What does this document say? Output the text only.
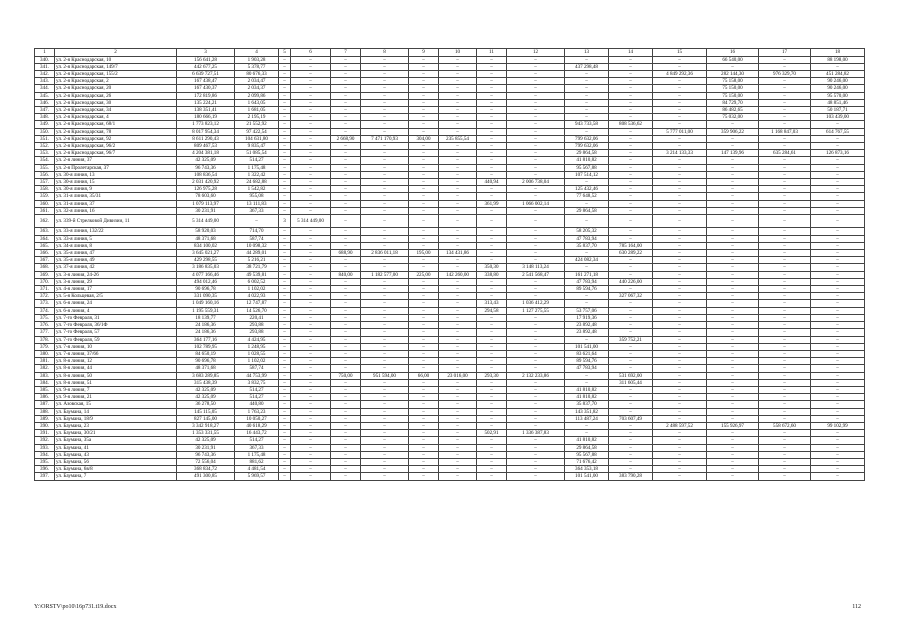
1	2	3	4	5	6	7	8	9	10	11	12	13	14	15	16	17	18
340.	ул. 2-я Краснодарская, 10	156 641,28	1 903,28	–	–	–	–	–	–	–	–	–	–	–	66 540,00	–	88 198,00
341.	ул. 2-я Краснодарская, 149/7	442 677,25	5 378,77	–	–	–	–	–	–	–	–	437 298,48	–	–	–	–	–
342.	ул. 2-я Краснодарская, 155/2	6 639 727,51	80 676,33	–	–	–	–	–	–	–	–	–	–	4 849 292,36	282 144,30	976 329,70	451 284,82
343.	ул. 2-я Краснодарская, 2	167 438,47	2 034,47	–	–	–	–	–	–	–	–	–	–	–	75 158,00	–	90 246,00
344.	ул. 2-я Краснодарская, 20	167 430,37	2 034,37	–	–	–	–	–	–	–	–	–	–	–	75 150,00	–	90 246,00
345.	ул. 2-я Краснодарская, 26	172 819,86	2 099,86	–	–	–	–	–	–	–	–	–	–	–	75 150,00	–	95 570,00
346.	ул. 2-я Краснодарская, 30	135 224,21	1 643,05	–	–	–	–	–	–	–	–	–	–	–	84 729,70	–	48 851,46
347.	ул. 2-я Краснодарская, 34	138 351,41	1 681,05	–	–	–	–	–	–	–	–	–	–	–	86 482,65	–	50 187,71
348.	ул. 2-я Краснодарская, 4	180 666,19	2 195,19	–	–	–	–	–	–	–	–	–	–	–	75 032,00	–	103 439,00
349.	ул. 2-я Краснодарская, 68/1	1 773 823,12	21 552,92	–	–	–	–	–	–	–	–	943 733,58	808 536,62	–	–	–	–
350.	ул. 2-я Краснодарская, 78	8 017 954,34	97 422,54	–	–	–	–	–	–	–	–	–	–	5 777 011,00	359 906,22	1 168 847,03	614 767,55
351.	ул. 2-я Краснодарская, 92	8 611 290,43	104 631,80	–	–	2 668,90	7 471 170,93	304,00	235 855,54	–	–	799 632,06	–	–	–	–	–
352.	ул. 2-я Краснодарская, 96/2	809 467,53	9 835,47	–	–	–	–	–	–	–	–	799 632,06	–	–	–	–	–
353.	ул. 2-я Краснодарская, 96/7	4 204 381,18	51 085,54	–	–	–	–	–	–	–	–	29 864,58	–	3 214 133,33	147 139,96	635 284,61	126 873,16
354.	ул. 2-я линия, 37	42 325,09	514,27	–	–	–	–	–	–	–	–	41 810,82	–	–	–	–	–
355.	ул. 2-я Пролетарская, 37	96 743,36	1 175,48	–	–	–	–	–	–	–	–	95 567,88	–	–	–	–	–
356.	ул. 30-я линия, 13	108 836,54	1 322,42	–	–	–	–	–	–	–	–	107 514,12	–	–	–	–	–
357.	ул. 30-я линия, 15	2 031 420,92	24 682,88	–	–	–	–	–	–	440,94	2 006 738,04	–	–	–	–	–	–
358.	ул. 30-я линия, 9	126 975,28	1 542,82	–	–	–	–	–	–	–	–	125 432,46	–	–	–	–	–
359.	ул. 31-я линия, 35/31	78 603,60	955,08	–	–	–	–	–	–	–	–	77 648,52	–	–	–	–	–
360.	ул. 31-я линия, 37	1 079 113,97	13 111,83	–	–	–	–	–	–	361,99	1 066 002,14	–	–	–	–	–	–
361.	ул. 32-я линия, 16	30 231,91	367,33	–	–	–	–	–	–	–	–	29 864,58	–	–	–	–	–
362.	ул. 339-й Стрелковой Дивизии, 11	5 314 449,00	–	3	5 314 449,00	–	–	–	–	–	–	–	–	–	–	–	–
363.	ул. 33-я линия, 132/22	58 920,03	714,70	–	–	–	–	–	–	–	–	58 205,32	–	–	–	–	–
364.	ул. 33-я линия, 5	48 371,68	587,74	–	–	–	–	–	–	–	–	47 783,94	–	–	–	–	–
365.	ул. 34-я линия, 8	834 100,02	10 098,32	–	–	–	–	–	–	–	–	35 837,70	785 164,00	–	–	–	–
366.	ул. 35-я линия, 47	3 645 021,27	44 289,01	–	–	688,90	2 836 011,18	195,00	134 431,86	–	–	–	630 289,22	–	–	–	–
367.	ул. 35-я линия, 49	429 298,55	5 216,21	–	–	–	–	–	–	–	–	424 082,34	–	–	–	–	–
368.	ул. 37-я линия, 42	3 186 835,03	38 721,79	–	–	–	–	–	–	350,30	3 148 113,24	–	–	–	–	–	–
369.	ул. 3-я линия, 24-26	4 077 166,46	49 539,81	–	–	840,00	1 182 577,00	225,00	142 260,00	338,80	2 541 568,47	161 271,18	–	–	–	–	–
370.	ул. 3-я линия, 29	494 012,46	6 002,52	–	–	–	–	–	–	–	–	47 783,94	440 226,00	–	–	–	–
371.	ул. 4-я линия, 17	90 696,78	1 102,02	–	–	–	–	–	–	–	–	89 594,76	–	–	–	–	–
372.	ул. 5-я Кольцевая, 2/5	331 090,35	4 022,93	–	–	–	–	–	–	–	–	–	327 067,32	–	–	–	–
373.	ул. 6-я линия, 24	1 049 160,16	12 747,87	–	–	–	–	–	–	313,43	1 036 412,29	–	–	–	–	–	–
374.	ул. 6-я линия, 4	1 195 559,31	14 526,70	–	–	–	–	–	–	294,58	1 127 275,55	53 757,06	–	–	–	–	–
375.	ул. 7-го Февраля, 31	18 139,77	220,41	–	–	–	–	–	–	–	–	17 919,36	–	–	–	–	–
376.	ул. 7-го Февраля, 36/1Ф	24 186,36	293,88	–	–	–	–	–	–	–	–	23 892,48	–	–	–	–	–
377.	ул. 7-го Февраля, 57	24 186,36	293,88	–	–	–	–	–	–	–	–	23 892,48	–	–	–	–	–
378.	ул. 7-го Февраля, 59	364 177,16	4 424,95	–	–	–	–	–	–	–	–	–	359 752,21	–	–	–	–
379.	ул. 7-я линия, 10	102 789,95	1 248,95	–	–	–	–	–	–	–	–	101 541,00	–	–	–	–	–
380.	ул. 7-я линия, 37/66	84 650,19	1 028,55	–	–	–	–	–	–	–	–	83 621,64	–	–	–	–	–
381.	ул. 8-я линия, 12	90 696,78	1 102,02	–	–	–	–	–	–	–	–	89 594,76	–	–	–	–	–
382.	ул. 8-я линия, 44	48 371,68	587,74	–	–	–	–	–	–	–	–	47 783,94	–	–	–	–	–
383.	ул. 8-я линия, 50	3 683 289,85	44 753,99	–	–	750,00	951 594,00	66,00	23 016,00	293,30	2 132 233,86	–	531 692,00	–	–	–	–
384.	ул. 8-я линия, 51	315 438,39	3 832,75	–	–	–	–	–	–	–	–	–	311 605,44	–	–	–	–
385.	ул. 9-я линия, 7	42 325,09	514,27	–	–	–	–	–	–	–	–	41 810,82	–	–	–	–	–
386.	ул. 9-я линия, 21	42 325,09	514,27	–	–	–	–	–	–	–	–	41 810,82	–	–	–	–	–
387.	ул. Азовская, 15	36 278,50	440,80	–	–	–	–	–	–	–	–	35 837,70	–	–	–	–	–
388.	ул. Бауманa, 14	145 115,05	1 763,23	–	–	–	–	–	–	–	–	143 351,82	–	–	–	–	–
389.	ул. Бауманa, 18/9	827 145,00	10 050,27	–	–	–	–	–	–	–	–	113 487,24	703 607,49	–	–	–	–
390.	ул. Баумана, 23	3 342 918,27	40 618,29	–	–	–	–	–	–	–	–	–	–	2 488 597,52	155 926,97	558 672,60	99 102,99
391.	ул. Баумана, 30/21	1 353 331,55	16 443,72	–	–	–	–	–	–	502,91	1 336 387,83	–	–	–	–	–	–
392.	ул. Баумана, 35а	42 325,09	514,27	–	–	–	–	–	–	–	–	41 810,82	–	–	–	–	–
393.	ул. Баумана, 41	30 231,91	367,33	–	–	–	–	–	–	–	–	29 864,58	–	–	–	–	–
394.	ул. Баумана, 43	96 743,36	1 175,48	–	–	–	–	–	–	–	–	95 567,88	–	–	–	–	–
395.	ул. Баумана, 56	72 556,04	881,62	–	–	–	–	–	–	–	–	71 676,42	–	–	–	–	–
396.	ул. Баумана, 6в/8	368 834,72	4 481,54	–	–	–	–	–	–	–	–	364 353,18	–	–	–	–	–
397.	ул. Баумана, 7	491 300,85	5 969,57	–	–	–	–	–	–	–	–	101 541,00	383 790,28	–	–	–	–
Y:\ORSTV\po10\16p731.t19.docx	112
